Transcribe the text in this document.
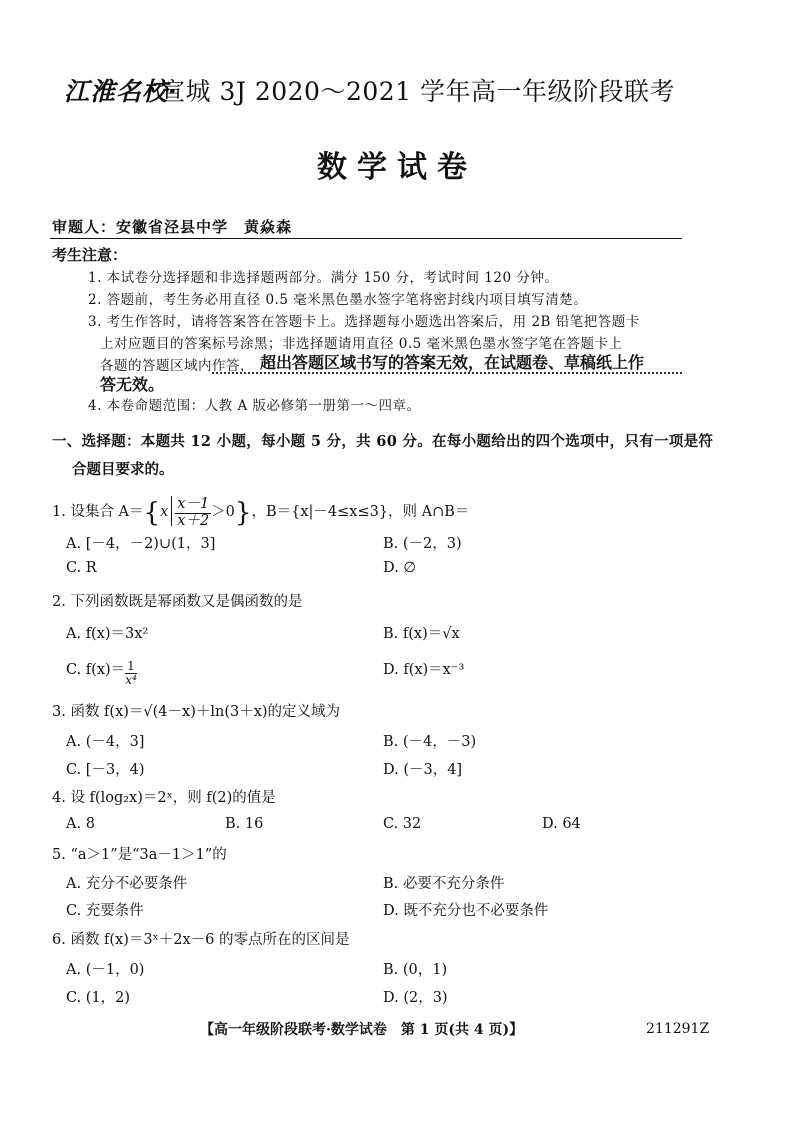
江淮名校·
宣城 3J 2020～2021 学年高一年级阶段联考
数学试卷
审题人：安徽省泾县中学　黄焱森
考生注意：
1. 本试卷分选择题和非选择题两部分。满分 150 分，考试时间 120 分钟。
2. 答题前，考生务必用直径 0.5 毫米黑色墨水签字笔将密封线内项目填写清楚。
3. 考生作答时，请将答案答在答题卡上。选择题每小题选出答案后，用 2B 铅笔把答题卡
上对应题目的答案标号涂黑；非选择题请用直径 0.5 毫米黑色墨水签字笔在答题卡上
各题的答题区域内作答， 超出答题区域书写的答案无效，在试题卷、草稿纸上作
答无效。
4. 本卷命题范围：人教 A 版必修第一册第一～四章。
一、选择题：本题共 12 小题，每小题 5 分，共 60 分。在每小题给出的四个选项中，只有一项是符
合题目要求的。
1. 设集合 $A=\{x \frac{x-1}{x+2} >0\}$，B＝{x|－4≤x≤3}，则 A∩B＝
A. [－4，－2)∪(1，3]	B. (－2，3)
C. R	D. ∅
2. 下列函数既是幂函数又是偶函数的是
A. f(x)＝3x²	B. f(x)＝√x
C. $f(x)= \frac{1}{\text{x⁴}}$	D. f(x)＝x⁻³
3. 函数 f(x)＝√(4－x)＋ln(3＋x)的定义域为
A. (－4，3]	B. (－4，－3)
C. [－3，4)	D. (－3，4]
4. 设 f(log₂x)＝2ˣ，则 f(2)的值是
A. 8	B. 16	C. 32	D. 64
5. “a＞1”是“3a－1＞1”的
A. 充分不必要条件	B. 必要不充分条件
C. 充要条件	D. 既不充分也不必要条件
6. 函数 f(x)＝3ˣ＋2x－6 的零点所在的区间是
A. (－1，0)	B. (0，1)
C. (1，2)	D. (2，3)
【高一年级阶段联考·数学试卷　第 1 页(共 4 页)】	211291Z
